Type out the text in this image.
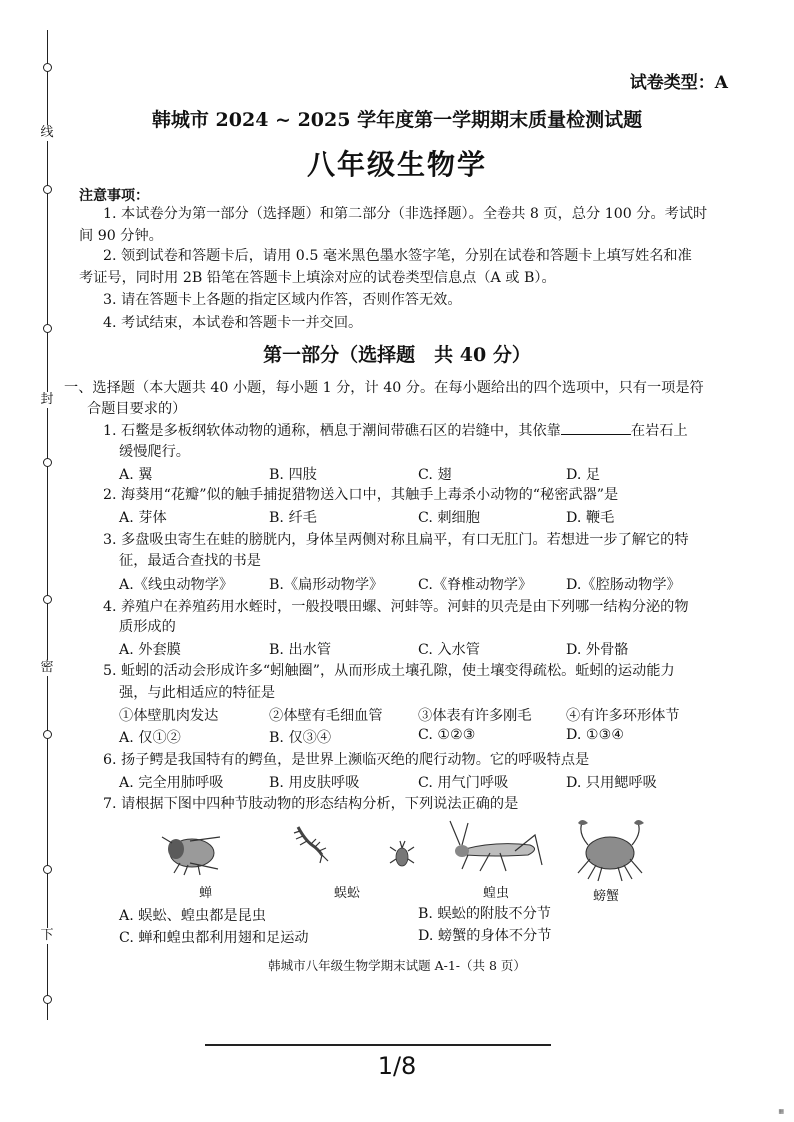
线
封
密
下
试卷类型：A
韩城市 2024 ~ 2025 学年度第一学期期末质量检测试题
八年级生物学
注意事项：
1. 本试卷分为第一部分（选择题）和第二部分（非选择题）。全卷共 8 页，总分 100 分。考试时
间 90 分钟。
2. 领到试卷和答题卡后，请用 0.5 毫米黑色墨水签字笔，分别在试卷和答题卡上填写姓名和准
考证号，同时用 2B 铅笔在答题卡上填涂对应的试卷类型信息点（A 或 B）。
3. 请在答题卡上各题的指定区域内作答，否则作答无效。
4. 考试结束，本试卷和答题卡一并交回。
第一部分（选择题　共 40 分）
一、选择题（本大题共 40 小题，每小题 1 分，计 40 分。在每小题给出的四个选项中，只有一项是符
合题目要求的）
1. 石鳖是多板纲软体动物的通称，栖息于潮间带礁石区的岩缝中，其依靠	在岩石上
缓慢爬行。
A. 翼	B. 四肢	C. 翅	D. 足
2. 海葵用“花瓣”似的触手捕捉猎物送入口中，其触手上毒杀小动物的“秘密武器”是
A. 芽体	B. 纤毛	C. 刺细胞	D. 鞭毛
3. 多盘吸虫寄生在蛙的膀胱内，身体呈两侧对称且扁平，有口无肛门。若想进一步了解它的特
征，最适合查找的书是
A.《线虫动物学》	B.《扁形动物学》 C.《脊椎动物学》 D.《腔肠动物学》
4. 养殖户在养殖药用水蛭时，一般投喂田螺、河蚌等。河蚌的贝壳是由下列哪一结构分泌的物
质形成的
A. 外套膜	B. 出水管	C. 入水管	D. 外骨骼
5. 蚯蚓的活动会形成许多“蚓触圈”，从而形成土壤孔隙，使土壤变得疏松。蚯蚓的运动能力
强，与此相适应的特征是
①体壁肌肉发达	②体壁有毛细血管 ③体表有许多刚毛 ④有许多环形体节
A. 仅①②	B. 仅③④	C. ①②③	D. ①③④
6. 扬子鳄是我国特有的鳄鱼，是世界上濒临灭绝的爬行动物。它的呼吸特点是
A. 完全用肺呼吸	B. 用皮肤呼吸	C. 用气门呼吸	D. 只用鳃呼吸
7. 请根据下图中四种节肢动物的形态结构分析，下列说法正确的是
蝉	蜈蚣	蝗虫	螃蟹
A. 蜈蚣、蝗虫都是昆虫	B. 蜈蚣的附肢不分节
C. 蝉和蝗虫都利用翅和足运动	D. 螃蟹的身体不分节
韩城市八年级生物学期末试题 A-1-（共 8 页）
1/8
▦
